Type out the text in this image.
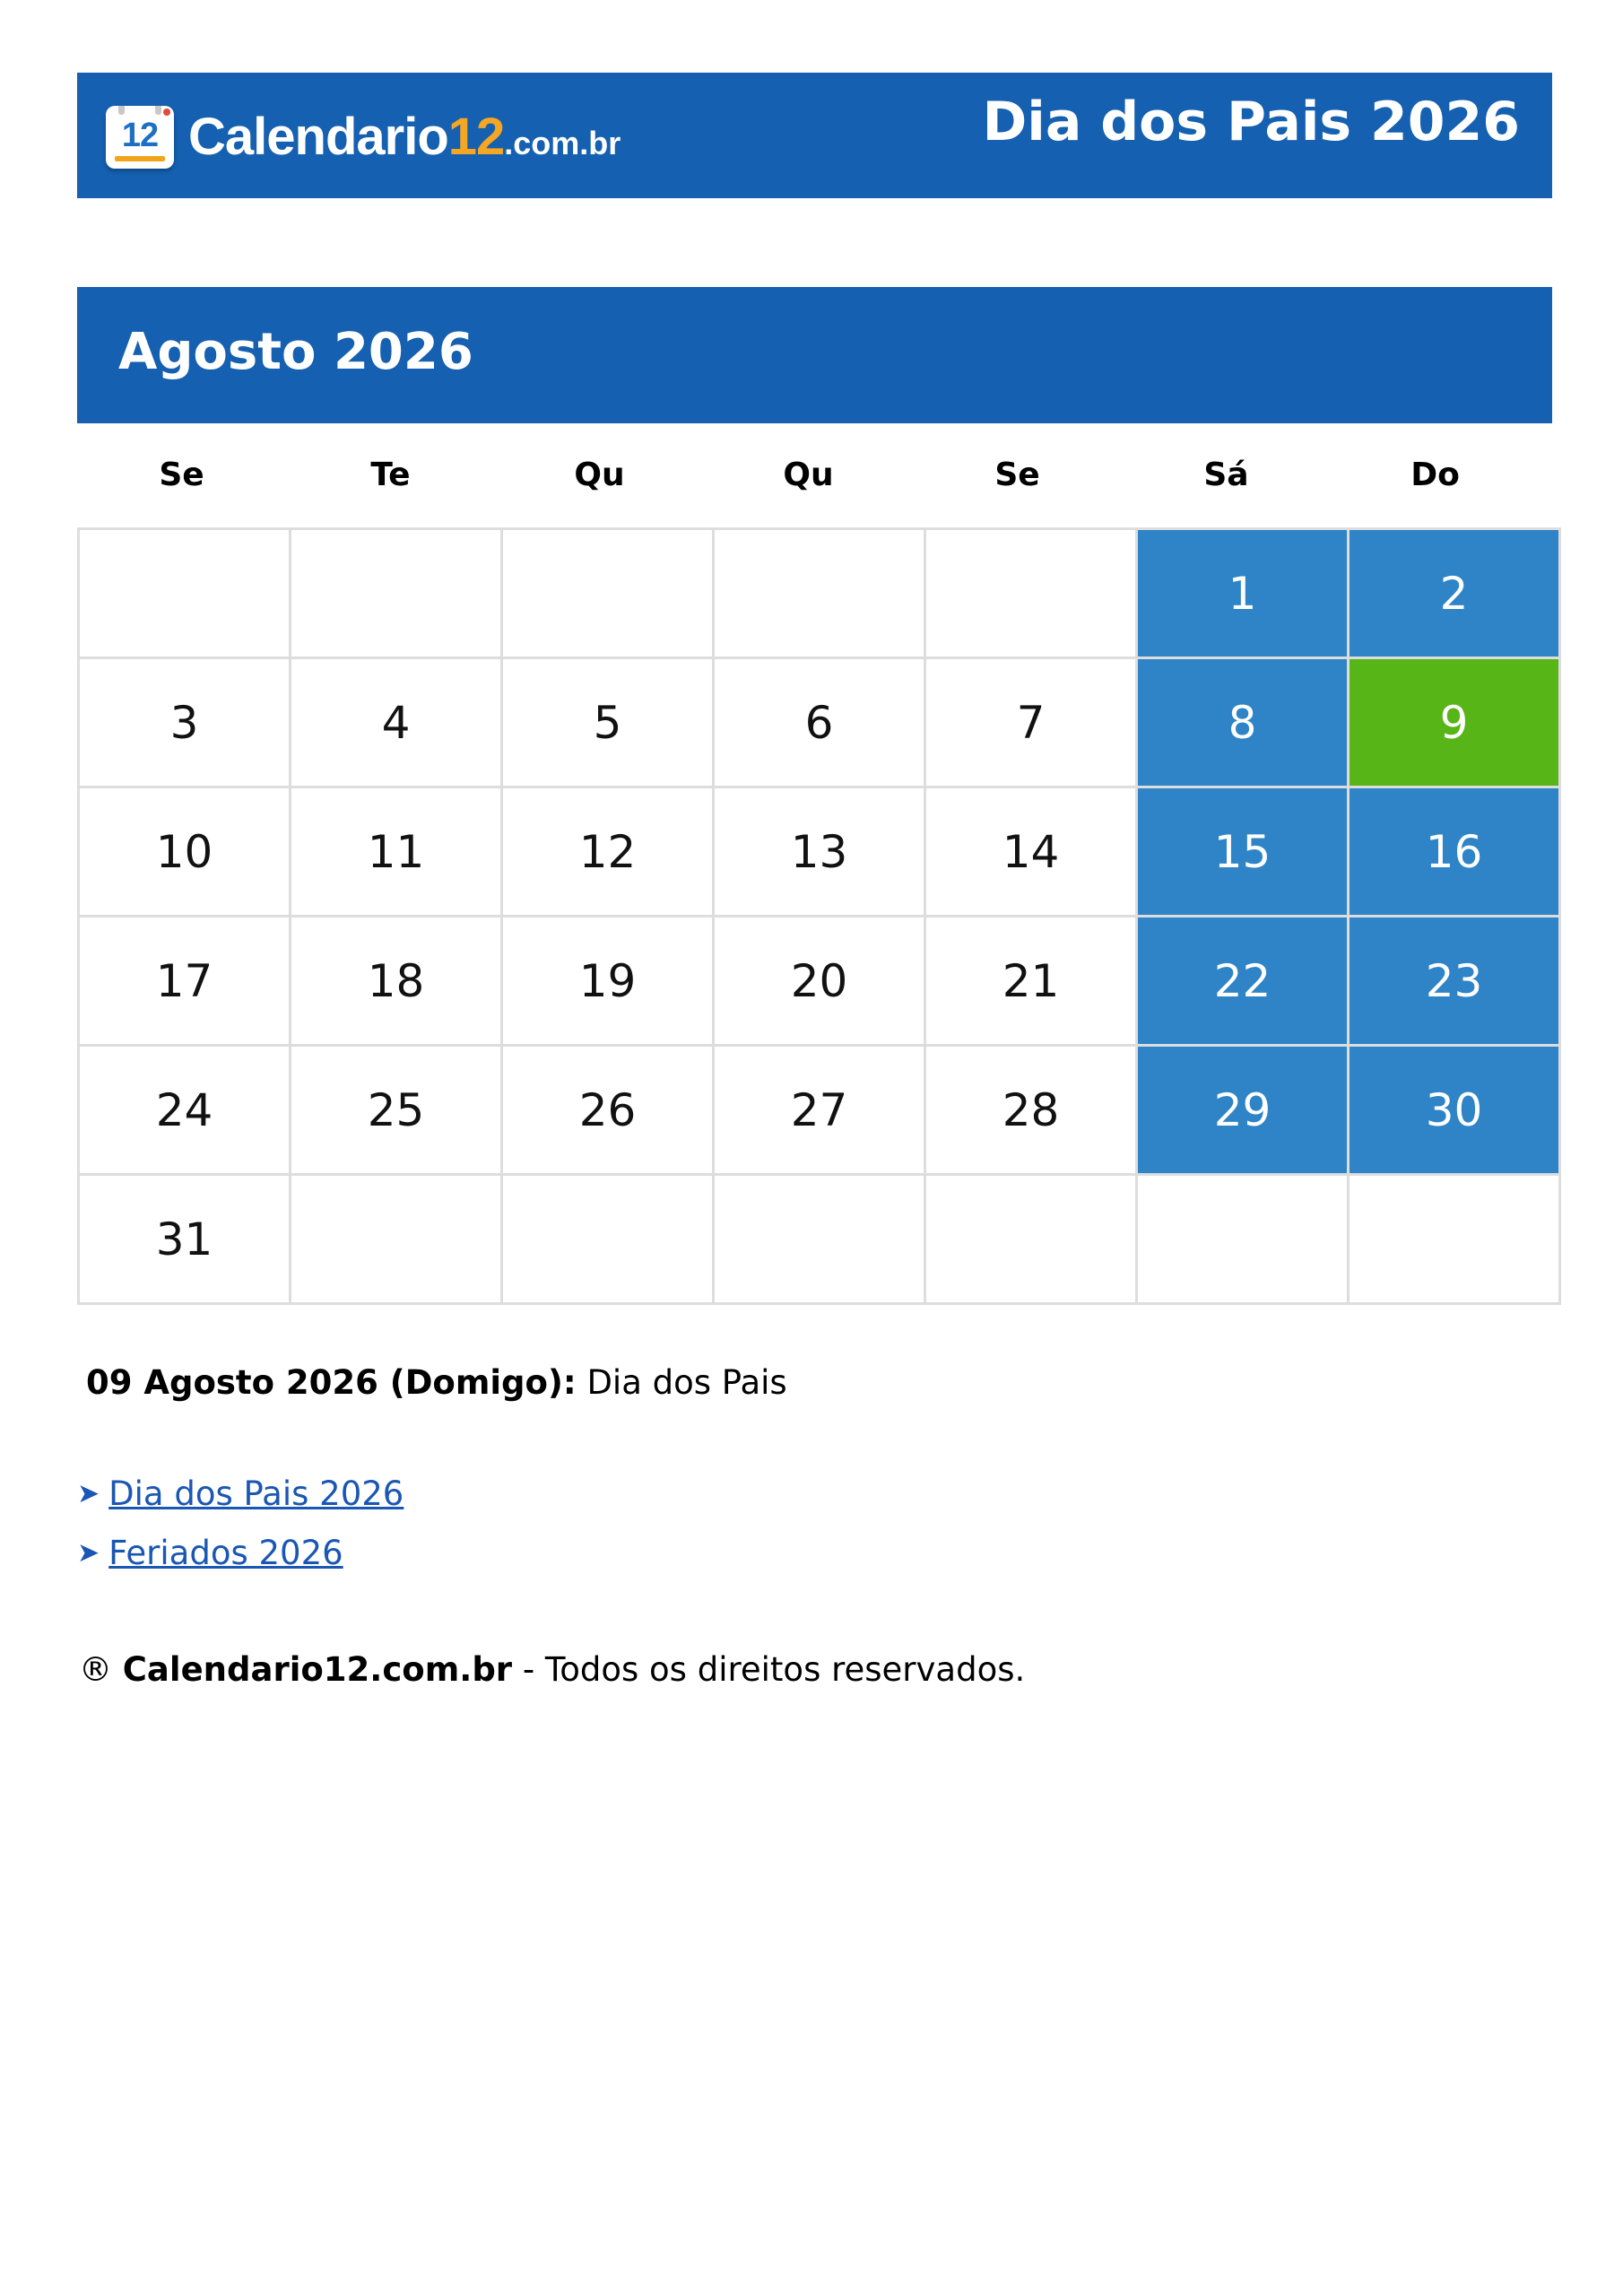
12 Calendario12.com.br	Dia dos Pais 2026
Agosto 2026
Se	Te	Qu	Qu	Se	Sá	Do
					1	2
3	4	5	6	7	8	9
10	11	12	13	14	15	16
17	18	19	20	21	22	23
24	25	26	27	28	29	30
31						
09 Agosto 2026 (Domigo): Dia dos Pais
➤ Dia dos Pais 2026
➤ Feriados 2026
® Calendario12.com.br - Todos os direitos reservados.
